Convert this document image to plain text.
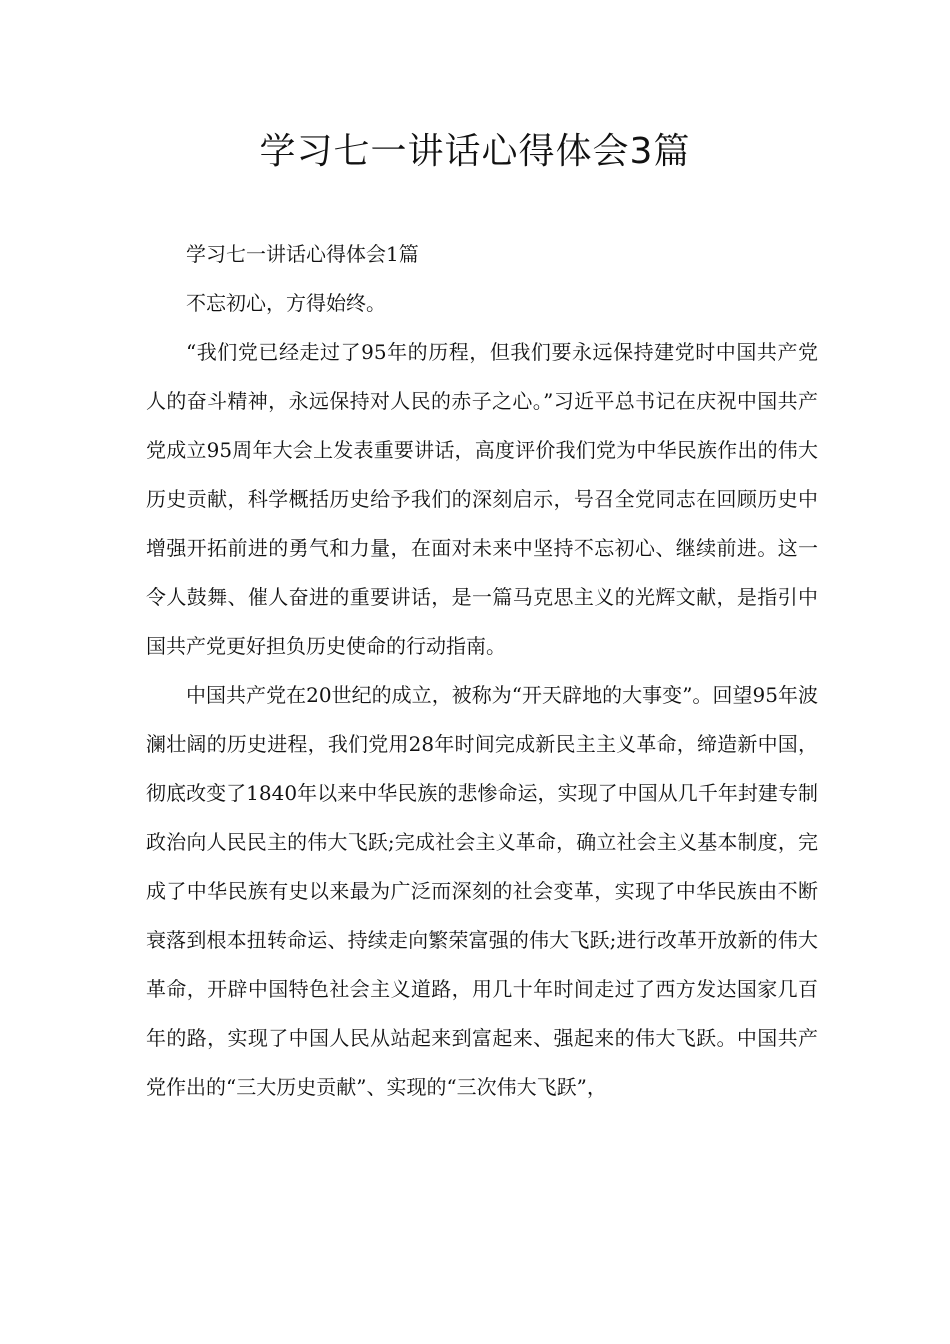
学习七一讲话心得体会3篇

学习七一讲话心得体会1篇

不忘初心，方得始终。

“我们党已经走过了95年的历程，但我们要永远保持建党时中国共产党人的奋斗精神，永远保持对人民的赤子之心。”习近平总书记在庆祝中国共产党成立95周年大会上发表重要讲话，高度评价我们党为中华民族作出的伟大历史贡献，科学概括历史给予我们的深刻启示，号召全党同志在回顾历史中增强开拓前进的勇气和力量，在面对未来中坚持不忘初心、继续前进。这一令人鼓舞、催人奋进的重要讲话，是一篇马克思主义的光辉文献，是指引中国共产党更好担负历史使命的行动指南。

中国共产党在20世纪的成立，被称为“开天辟地的大事变”。回望95年波澜壮阔的历史进程，我们党用28年时间完成新民主主义革命，缔造新中国，彻底改变了1840年以来中华民族的悲惨命运，实现了中国从几千年封建专制政治向人民民主的伟大飞跃;完成社会主义革命，确立社会主义基本制度，完成了中华民族有史以来最为广泛而深刻的社会变革，实现了中华民族由不断衰落到根本扭转命运、持续走向繁荣富强的伟大飞跃;进行改革开放新的伟大革命，开辟中国特色社会主义道路，用几十年时间走过了西方发达国家几百年的路，实现了中国人民从站起来到富起来、强起来的伟大飞跃。中国共产党作出的“三大历史贡献”、实现的“三次伟大飞跃”，
